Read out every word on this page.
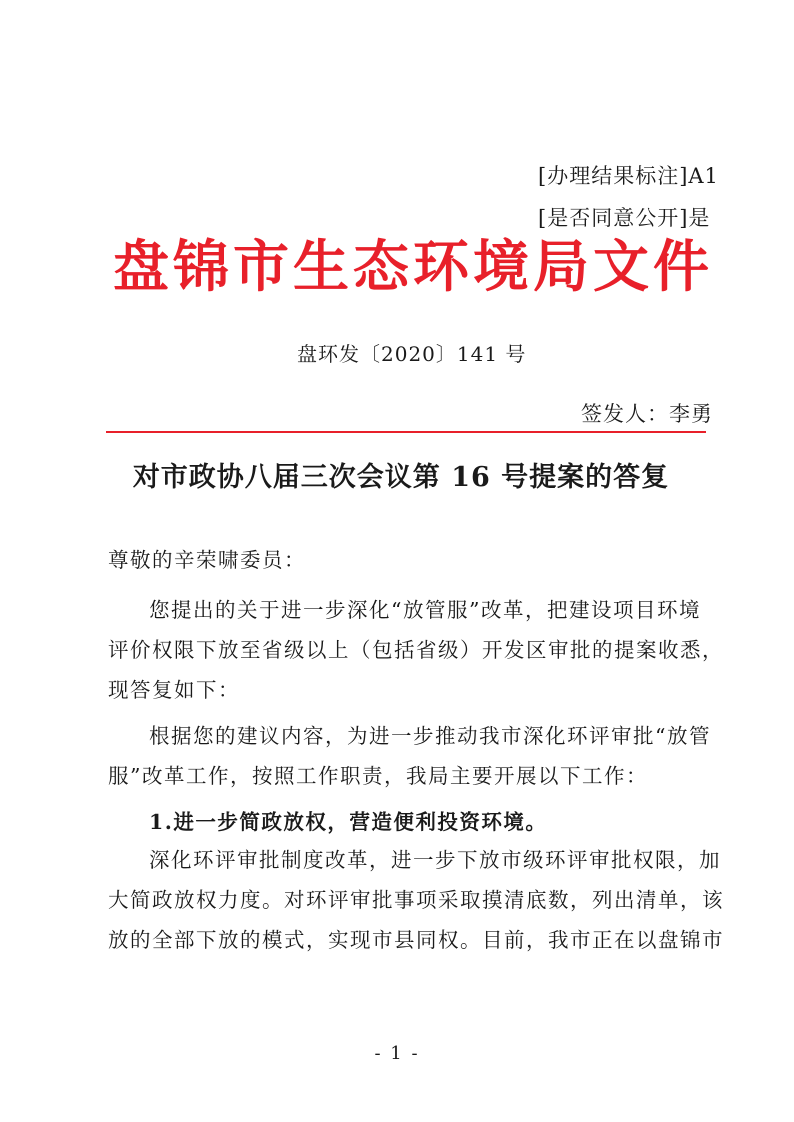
[办理结果标注]A1
[是否同意公开]是
盘锦市生态环境局文件
盘环发〔2020〕141 号
签发人：李勇
对市政协八届三次会议第 16 号提案的答复
尊敬的辛荣啸委员：
您提出的关于进一步深化“放管服”改革，把建设项目环境
评价权限下放至省级以上（包括省级）开发区审批的提案收悉，
现答复如下：
根据您的建议内容，为进一步推动我市深化环评审批“放管
服”改革工作，按照工作职责，我局主要开展以下工作：
1.进一步简政放权，营造便利投资环境。
深化环评审批制度改革，进一步下放市级环评审批权限，加
大简政放权力度。对环评审批事项采取摸清底数，列出清单，该
放的全部下放的模式，实现市县同权。目前，我市正在以盘锦市
- 1 -
